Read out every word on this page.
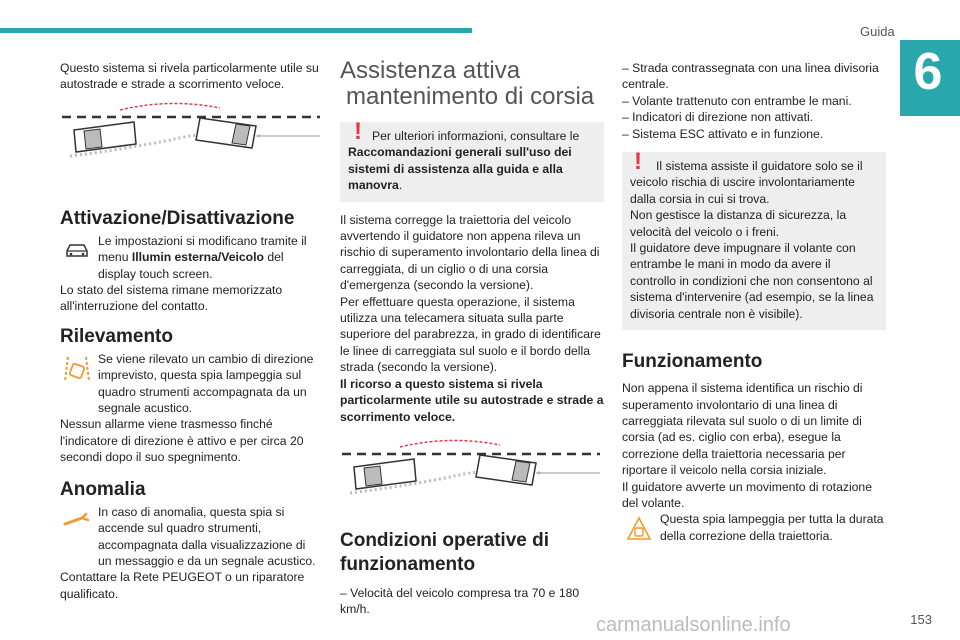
Guida
6

Questo sistema si rivela particolarmente utile su autostrade e strade a scorrimento veloce.

Attivazione/Disattivazione

Le impostazioni si modificano tramite il menu Illumin esterna/Veicolo del display touch screen.

Lo stato del sistema rimane memorizzato all'interruzione del contatto.

Rilevamento

Se viene rilevato un cambio di direzione imprevisto, questa spia lampeggia sul quadro strumenti accompagnata da un segnale acustico.

Nessun allarme viene trasmesso finché l'indicatore di direzione è attivo e per circa 20 secondi dopo il suo spegnimento.

Anomalia

In caso di anomalia, questa spia si accende sul quadro strumenti, accompagnata dalla visualizzazione di un messaggio e da un segnale acustico.

Contattare la Rete PEUGEOT o un riparatore qualificato.

Assistenza attiva
mantenimento di corsia
! Per ulteriori informazioni, consultare le Raccomandazioni generali sull'uso dei sistemi di assistenza alla guida e alla manovra.

Il sistema corregge la traiettoria del veicolo avvertendo il guidatore non appena rileva un rischio di superamento involontario della linea di carreggiata, di un ciglio o di una corsia d'emergenza (secondo la versione).

Per effettuare questa operazione, il sistema utilizza una telecamera situata sulla parte superiore del parabrezza, in grado di identificare le linee di carreggiata sul suolo e il bordo della strada (secondo la versione).

Il ricorso a questo sistema si rivela particolarmente utile su autostrade e strade a scorrimento veloce.

Condizioni operative di funzionamento

– Velocità del veicolo compresa tra 70 e 180 km/h.

– Strada contrassegnata con una linea divisoria centrale.

– Volante trattenuto con entrambe le mani.

– Indicatori di direzione non attivati.

– Sistema ESC attivato e in funzione.

!	Il sistema assiste il guidatore solo se il veicolo rischia di uscire involontariamente dalla corsia in cui si trova.

Non gestisce la distanza di sicurezza, la velocità del veicolo o i freni.

Il guidatore deve impugnare il volante con entrambe le mani in modo da avere il controllo in condizioni che non consentono al sistema d'intervenire (ad esempio, se la linea divisoria centrale non è visibile).

Funzionamento

Non appena il sistema identifica un rischio di superamento involontario di una linea di carreggiata rilevata sul suolo o di un limite di corsia (ad es. ciglio con erba), esegue la correzione della traiettoria necessaria per riportare il veicolo nella corsia iniziale.

Il guidatore avverte un movimento di rotazione del volante.

Questa spia lampeggia per tutta la durata della correzione della traiettoria.

carmanualsonline.info	153
